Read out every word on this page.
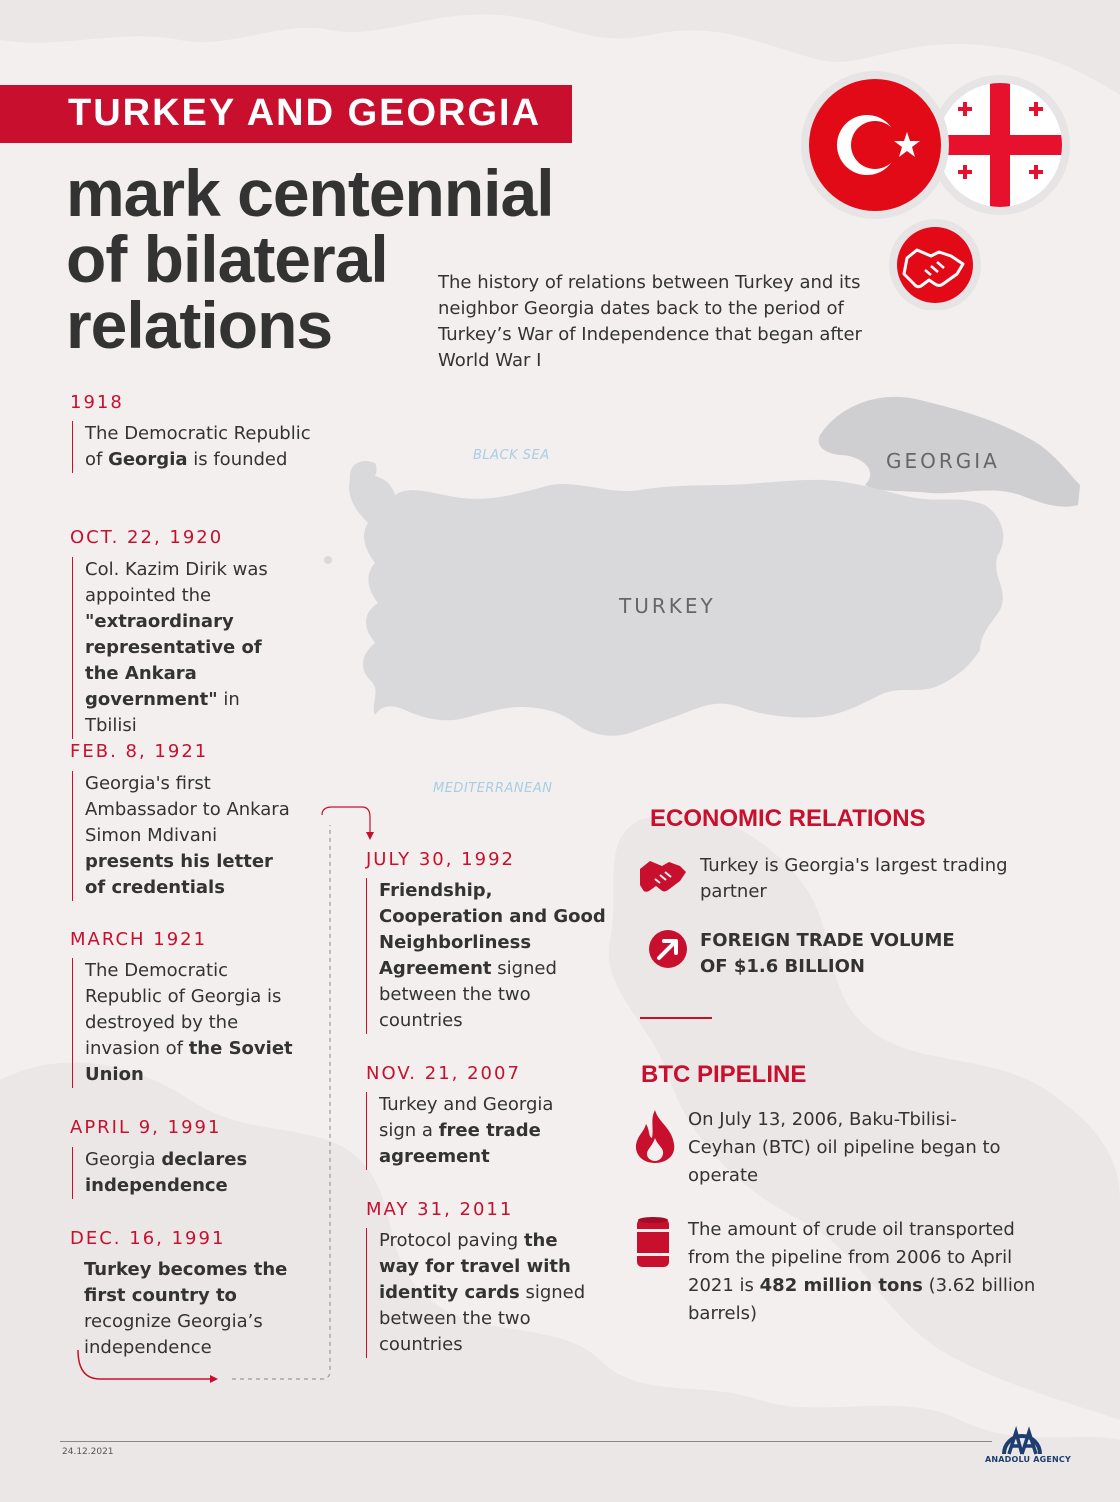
TURKEY AND GEORGIA
mark centennial
of bilateral
relations
The history of relations between Turkey and its neighbor Georgia dates back to the period of Turkey’s War of Independence that began after World War I
BLACK SEA
MEDITERRANEAN
TURKEY
GEORGIA
1918
The Democratic Republic of Georgia is founded
OCT. 22, 1920
Col. Kazim Dirik was appointed the "extraordinary representative of the Ankara government" in Tbilisi
FEB. 8, 1921
Georgia's first Ambassador to Ankara Simon Mdivani presents his letter of credentials
MARCH 1921
The Democratic Republic of Georgia is destroyed by the invasion of the Soviet Union
APRIL 9, 1991
Georgia declares independence
DEC. 16, 1991
Turkey becomes the first country to recognize Georgia’s independence
JULY 30, 1992
Friendship, Cooperation and Good Neighborliness Agreement signed between the two countries
NOV. 21, 2007
Turkey and Georgia sign a free trade agreement
MAY 31, 2011
Protocol paving the way for travel with identity cards signed between the two countries
ECONOMIC RELATIONS
Turkey is Georgia's largest trading partner
FOREIGN TRADE VOLUME OF $1.6 BILLION
BTC PIPELINE
On July 13, 2006, Baku-Tbilisi-Ceyhan (BTC) oil pipeline began to operate
The amount of crude oil transported from the pipeline from 2006 to April 2021 is 482 million tons (3.62 billion barrels)
24.12.2021
ANADOLU AGENCY
